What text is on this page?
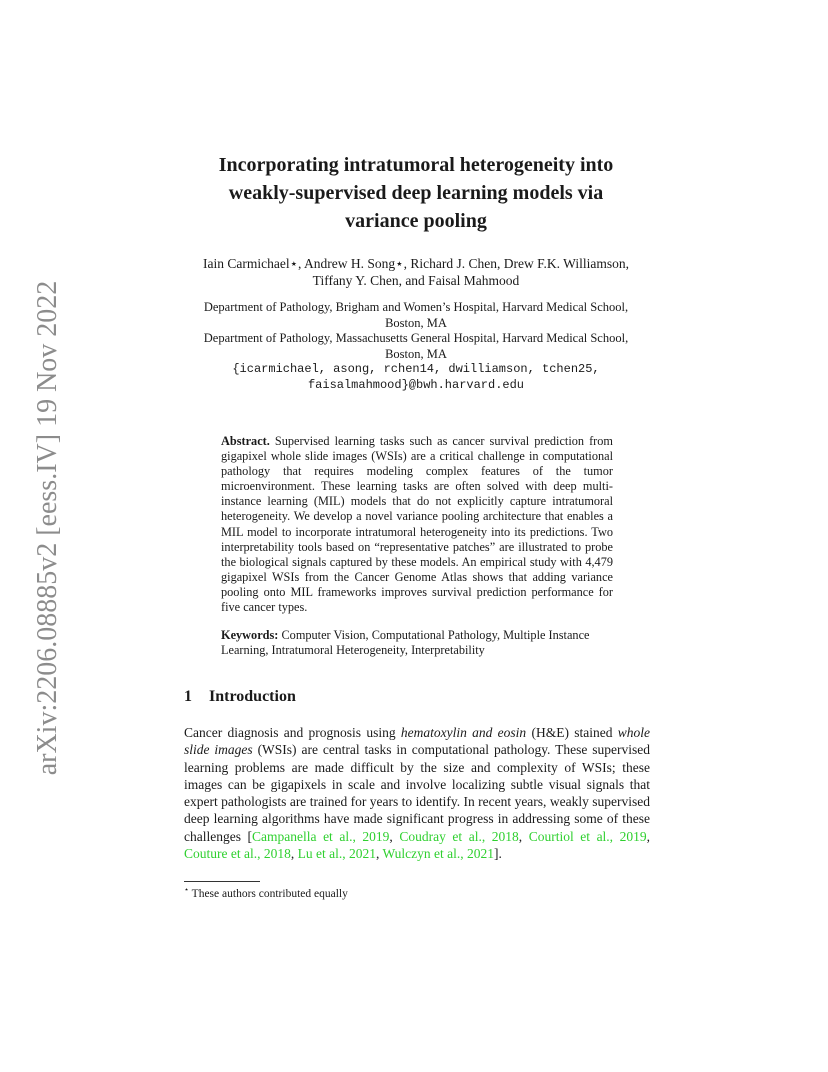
arXiv:2206.08885v2 [eess.IV] 19 Nov 2022
Incorporating intratumoral heterogeneity into
weakly-supervised deep learning models via
variance pooling
Iain Carmichael⋆, Andrew H. Song⋆, Richard J. Chen, Drew F.K. Williamson,
Tiffany Y. Chen, and Faisal Mahmood
Department of Pathology, Brigham and Women’s Hospital, Harvard Medical School,
Boston, MA
Department of Pathology, Massachusetts General Hospital, Harvard Medical School,
Boston, MA
{icarmichael, asong, rchen14, dwilliamson, tchen25,
faisalmahmood}@bwh.harvard.edu

Abstract. Supervised learning tasks such as cancer survival prediction from gigapixel whole slide images (WSIs) are a critical challenge in computational pathology that requires modeling complex features of the tumor microenvironment. These learning tasks are often solved with deep multi-instance learning (MIL) models that do not explicitly capture intratumoral heterogeneity. We develop a novel variance pooling architecture that enables a MIL model to incorporate intratumoral heterogeneity into its predictions. Two interpretability tools based on “representative patches” are illustrated to probe the biological signals captured by these models. An empirical study with 4,479 gigapixel WSIs from the Cancer Genome Atlas shows that adding variance pooling onto MIL frameworks improves survival prediction performance for five cancer types.

Keywords: Computer Vision, Computational Pathology, Multiple Instance Learning, Intratumoral Heterogeneity, Interpretability

1 Introduction

Cancer diagnosis and prognosis using hematoxylin and eosin (H&E) stained whole slide images (WSIs) are central tasks in computational pathology. These supervised learning problems are made difficult by the size and complexity of WSIs; these images can be gigapixels in scale and involve localizing subtle visual signals that expert pathologists are trained for years to identify. In recent years, weakly supervised deep learning algorithms have made significant progress in addressing some of these challenges [Campanella et al., 2019, Coudray et al., 2018, Courtiol et al., 2019, Couture et al., 2018, Lu et al., 2021, Wulczyn et al., 2021].

⋆ These authors contributed equally
